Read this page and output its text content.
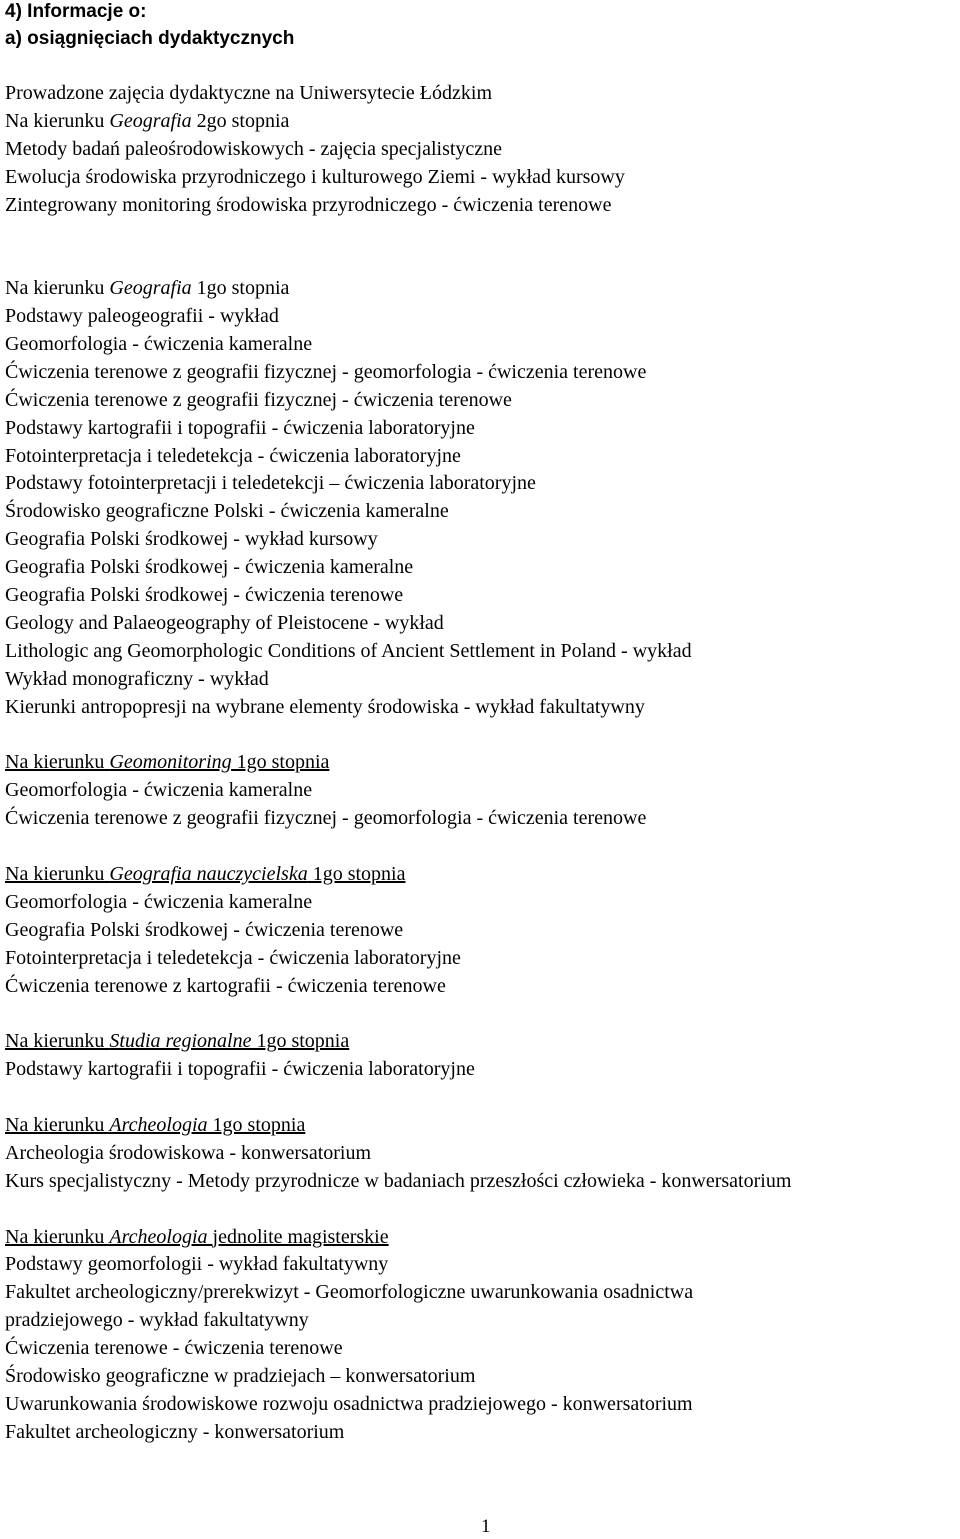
4) Informacje o:
a) osiągnięciach dydaktycznych
Prowadzone zajęcia dydaktyczne na Uniwersytecie Łódzkim
Na kierunku Geografia 2go stopnia
Metody badań paleośrodowiskowych - zajęcia specjalistyczne
Ewolucja środowiska przyrodniczego i kulturowego Ziemi - wykład kursowy
Zintegrowany monitoring środowiska przyrodniczego - ćwiczenia terenowe
Na kierunku Geografia 1go stopnia
Podstawy paleogeografii - wykład
Geomorfologia - ćwiczenia kameralne
Ćwiczenia terenowe z geografii fizycznej - geomorfologia - ćwiczenia terenowe
Ćwiczenia terenowe z geografii fizycznej - ćwiczenia terenowe
Podstawy kartografii i topografii - ćwiczenia laboratoryjne
Fotointerpretacja i teledetekcja - ćwiczenia laboratoryjne
Podstawy fotointerpretacji i teledetekcji – ćwiczenia laboratoryjne
Środowisko geograficzne Polski - ćwiczenia kameralne
Geografia Polski środkowej - wykład kursowy
Geografia Polski środkowej - ćwiczenia kameralne
Geografia Polski środkowej - ćwiczenia terenowe
Geology and Palaeogeography of Pleistocene - wykład
Lithologic ang Geomorphologic Conditions of Ancient Settlement in Poland - wykład
Wykład monograficzny - wykład
Kierunki antropopresji na wybrane elementy środowiska - wykład fakultatywny
Na kierunku Geomonitoring 1go stopnia
Geomorfologia - ćwiczenia kameralne
Ćwiczenia terenowe z geografii fizycznej - geomorfologia - ćwiczenia terenowe
Na kierunku Geografia nauczycielska 1go stopnia
Geomorfologia - ćwiczenia kameralne
Geografia Polski środkowej - ćwiczenia terenowe
Fotointerpretacja i teledetekcja - ćwiczenia laboratoryjne
Ćwiczenia terenowe z kartografii - ćwiczenia terenowe
Na kierunku Studia regionalne 1go stopnia
Podstawy kartografii i topografii - ćwiczenia laboratoryjne
Na kierunku Archeologia 1go stopnia
Archeologia środowiskowa - konwersatorium
Kurs specjalistyczny - Metody przyrodnicze w badaniach przeszłości człowieka - konwersatorium
Na kierunku Archeologia jednolite magisterskie
Podstawy geomorfologii - wykład fakultatywny
Fakultet archeologiczny/prerekwizyt - Geomorfologiczne uwarunkowania osadnictwa
pradziejowego - wykład fakultatywny
Ćwiczenia terenowe - ćwiczenia terenowe
Środowisko geograficzne w pradziejach – konwersatorium
Uwarunkowania środowiskowe rozwoju osadnictwa pradziejowego - konwersatorium
Fakultet archeologiczny - konwersatorium
1
